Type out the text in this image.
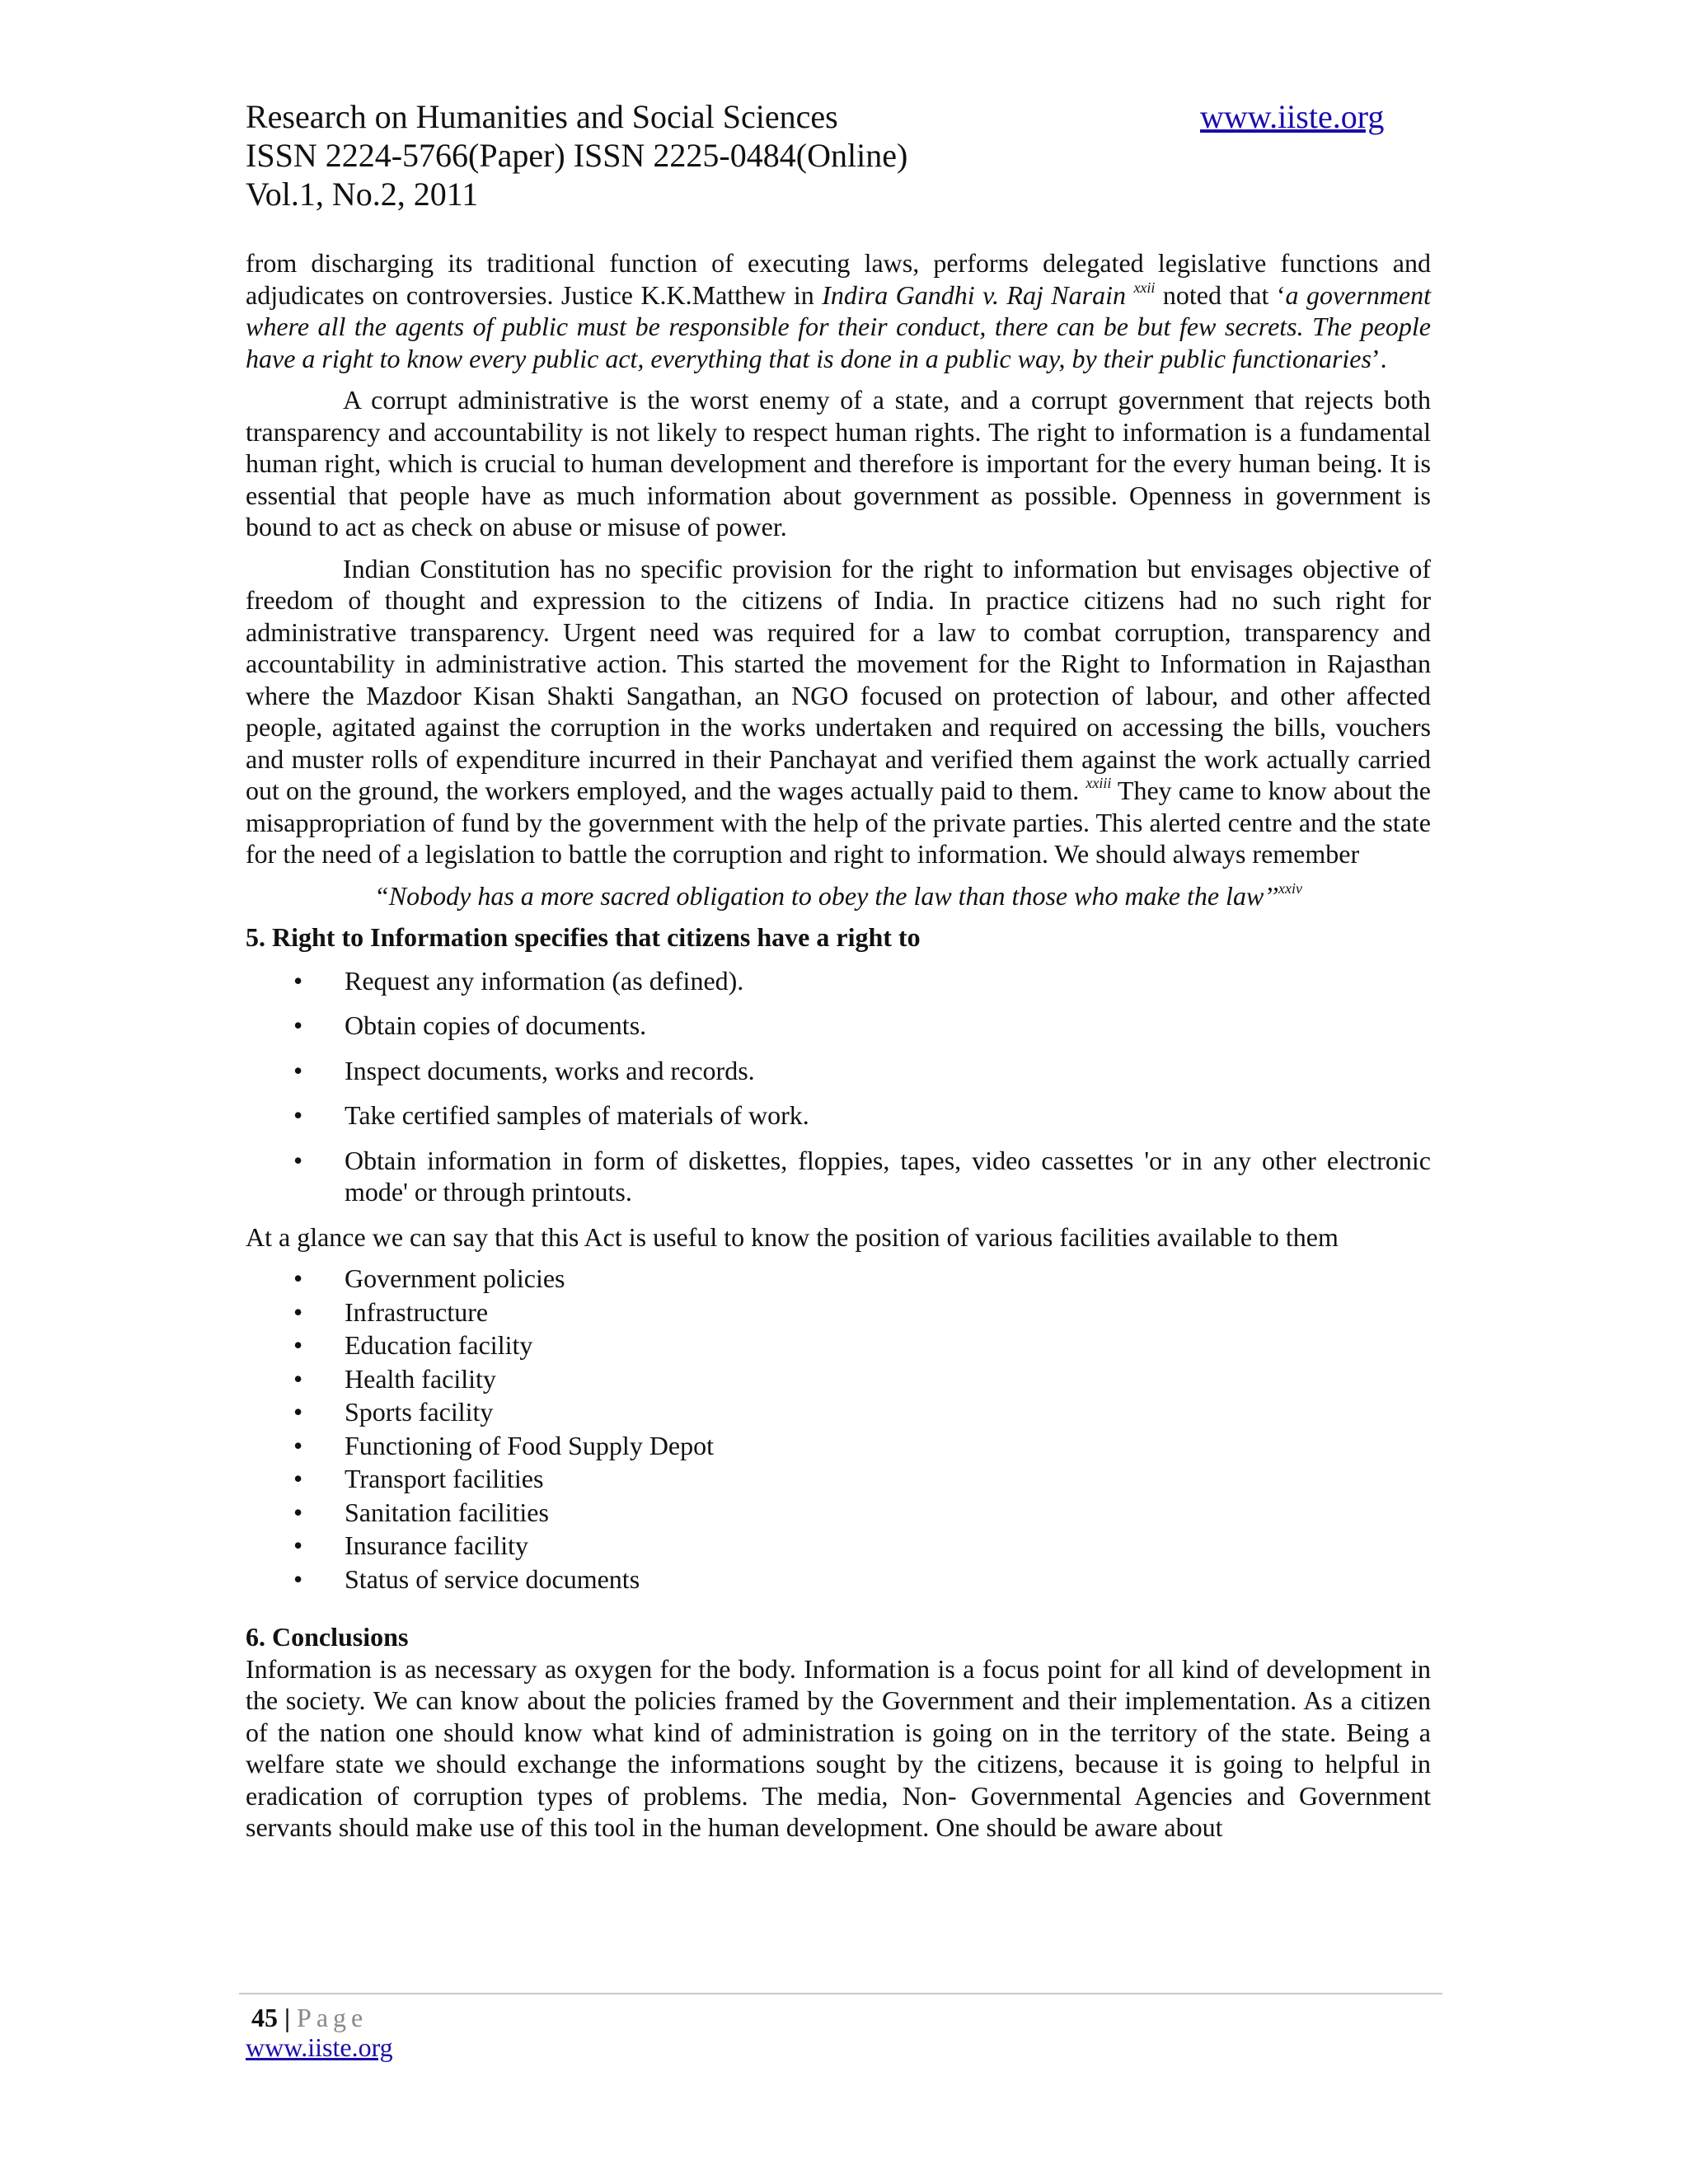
Research on Humanities and Social Sciences	www.iiste.org
ISSN 2224-5766(Paper) ISSN 2225-0484(Online)
Vol.1, No.2, 2011

from discharging its traditional function of executing laws, performs delegated legislative functions and adjudicates on controversies. Justice K.K.Matthew in Indira Gandhi v. Raj Narain $^{xxii}$ noted that ‘a government where all the agents of public must be responsible for their conduct, there can be but few secrets. The people have a right to know every public act, everything that is done in a public way, by their public functionaries’.

A corrupt administrative is the worst enemy of a state, and a corrupt government that rejects both transparency and accountability is not likely to respect human rights. The right to information is a fundamental human right, which is crucial to human development and therefore is important for the every human being. It is essential that people have as much information about government as possible. Openness in government is bound to act as check on abuse or misuse of power.

Indian Constitution has no specific provision for the right to information but envisages objective of freedom of thought and expression to the citizens of India. In practice citizens had no such right for administrative transparency. Urgent need was required for a law to combat corruption, transparency and accountability in administrative action. This started the movement for the Right to Information in Rajasthan where the Mazdoor Kisan Shakti Sangathan, an NGO focused on protection of labour, and other affected people, agitated against the corruption in the works undertaken and required on accessing the bills, vouchers and muster rolls of expenditure incurred in their Panchayat and verified them against the work actually carried out on the ground, the workers employed, and the wages actually paid to them. $^{xxiii}$ They came to know about the misappropriation of fund by the government with the help of the private parties. This alerted centre and the state for the need of a legislation to battle the corruption and right to information. We should always remember

“Nobody has a more sacred obligation to obey the law than those who make the law’’$^{xxiv}$

5. Right to Information specifies that citizens have a right to
• Request any information (as defined).
• Obtain copies of documents.
• Inspect documents, works and records.
• Take certified samples of materials of work.
• Obtain information in form of diskettes, floppies, tapes, video cassettes 'or in any other electronic mode' or through printouts.

At a glance we can say that this Act is useful to know the position of various facilities available to them

• Government policies
• Infrastructure
• Education facility
• Health facility
• Sports facility
• Functioning of Food Supply Depot
• Transport facilities
• Sanitation facilities
• Insurance facility
• Status of service documents
6. Conclusions

Information is as necessary as oxygen for the body. Information is a focus point for all kind of development in the society. We can know about the policies framed by the Government and their implementation. As a citizen of the nation one should know what kind of administration is going on in the territory of the state. Being a welfare state we should exchange the informations sought by the citizens, because it is going to helpful in eradication of corruption types of problems. The media, Non- Governmental Agencies and Government servants should make use of this tool in the human development. One should be aware about

45 | Page
www.iiste.org
